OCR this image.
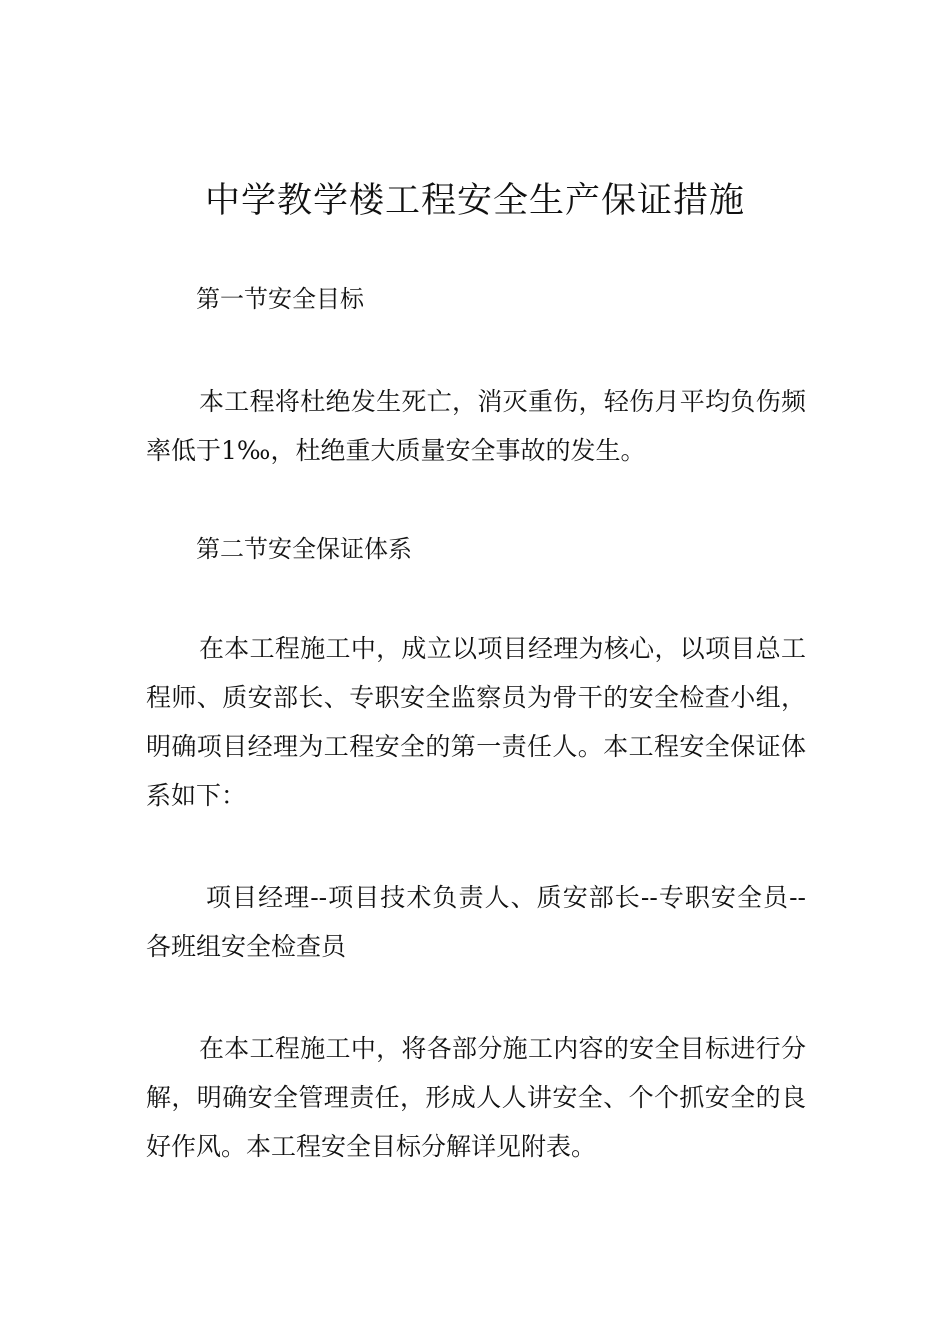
中学教学楼工程安全生产保证措施
第一节安全目标

本工程将杜绝发生死亡，消灭重伤，轻伤月平均负伤频率低于1‰，杜绝重大质量安全事故的发生。

第二节安全保证体系

在本工程施工中，成立以项目经理为核心，以项目总工程师、质安部长、专职安全监察员为骨干的安全检查小组，明确项目经理为工程安全的第一责任人。本工程安全保证体系如下：

项目经理--项目技术负责人、质安部长--专职安全员--各班组安全检查员

在本工程施工中，将各部分施工内容的安全目标进行分解，明确安全管理责任，形成人人讲安全、个个抓安全的良好作风。本工程安全目标分解详见附表。
